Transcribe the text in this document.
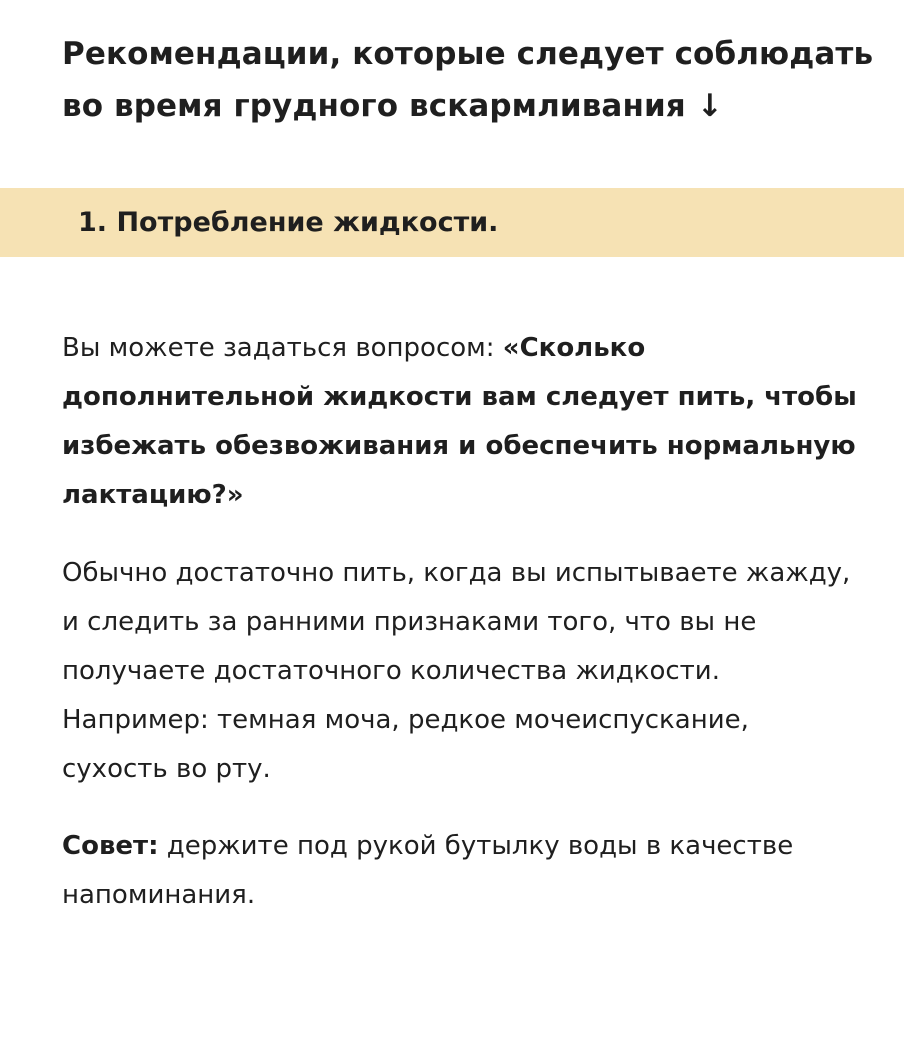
Рекомендации, которые следует соблюдать во время грудного вскармливания ↓
1. Потребление жидкости.

Вы можете задаться вопросом: «Сколько дополнительной жидкости вам следует пить, чтобы избежать обезвоживания и обеспечить нормальную лактацию?»

Обычно достаточно пить, когда вы испытываете жажду, и следить за ранними признаками того, что вы не получаете достаточного количества жидкости. Например: темная моча, редкое мочеиспускание, сухость во рту.

Совет: держите под рукой бутылку воды в качестве напоминания.
